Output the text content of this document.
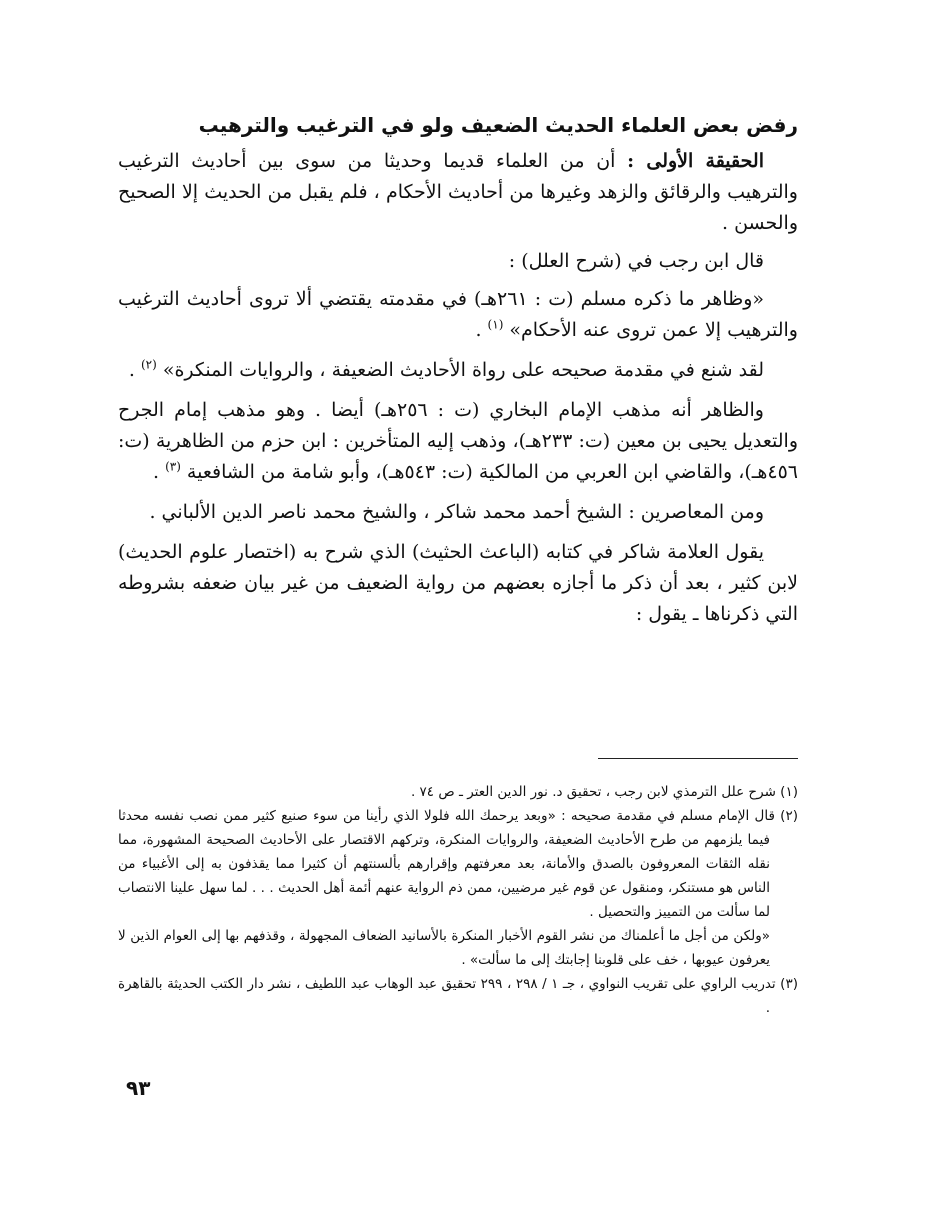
رفض بعض العلماء الحديث الضعيف ولو في الترغيب والترهيب

الحقيقة الأولى : أن من العلماء قديما وحديثا من سوى بين أحاديث الترغيب والترهيب والرقائق والزهد وغيرها من أحاديث الأحكام ، فلم يقبل من الحديث إلا الصحيح والحسن .

قال ابن رجب في (شرح العلل) :

«وظاهر ما ذكره مسلم (ت : ٢٦١هـ) في مقدمته يقتضي ألا تروى أحاديث الترغيب والترهيب إلا عمن تروى عنه الأحكام» $^{(١)}$ .

لقد شنع في مقدمة صحيحه على رواة الأحاديث الضعيفة ، والروايات المنكرة» $^{(٢)}$ .

والظاهر أنه مذهب الإمام البخاري (ت : ٢٥٦هـ) أيضا . وهو مذهب إمام الجرح والتعديل يحيى بن معين (ت: ٢٣٣هـ)، وذهب إليه المتأخرين : ابن حزم من الظاهرية (ت: ٤٥٦هـ)، والقاضي ابن العربي من المالكية (ت: ٥٤٣هـ)، وأبو شامة من الشافعية $^{(٣)}$ .

ومن المعاصرين : الشيخ أحمد محمد شاكر ، والشيخ محمد ناصر الدين الألباني .

يقول العلامة شاكر في كتابه (الباعث الحثيث) الذي شرح به (اختصار علوم الحديث) لابن كثير ، بعد أن ذكر ما أجازه بعضهم من رواية الضعيف من غير بيان ضعفه بشروطه التي ذكرناها ـ يقول :

(١) شرح علل الترمذي لابن رجب ، تحقيق د. نور الدين العتر ـ ص ٧٤ .

(٢) قال الإمام مسلم في مقدمة صحيحه : «وبعد يرحمك الله فلولا الذي رأينا من سوء صنيع كثير ممن نصب نفسه محدثا فيما يلزمهم من طرح الأحاديث الضعيفة، والروايات المنكرة، وتركهم الاقتصار على الأحاديث الصحيحة المشهورة، مما نقله الثقات المعروفون بالصدق والأمانة، بعد معرفتهم وإقرارهم بألسنتهم أن كثيرا مما يقذفون به إلى الأغبياء من الناس هو مستنكر، ومنقول عن قوم غير مرضيين، ممن ذم الرواية عنهم أئمة أهل الحديث . . . لما سهل علينا الانتصاب لما سألت من التمييز والتحصيل .
«ولكن من أجل ما أعلمناك من نشر القوم الأخبار المنكرة بالأسانيد الضعاف المجهولة ، وقذفهم بها إلى العوام الذين لا يعرفون عيوبها ، خف على قلوبنا إجابتك إلى ما سألت» .

(٣) تدريب الراوي على تقريب النواوي ، جـ ١ / ٢٩٨ ، ٢٩٩ تحقيق عبد الوهاب عبد اللطيف ، نشر دار الكتب الحديثة بالقاهرة .

٩٣
